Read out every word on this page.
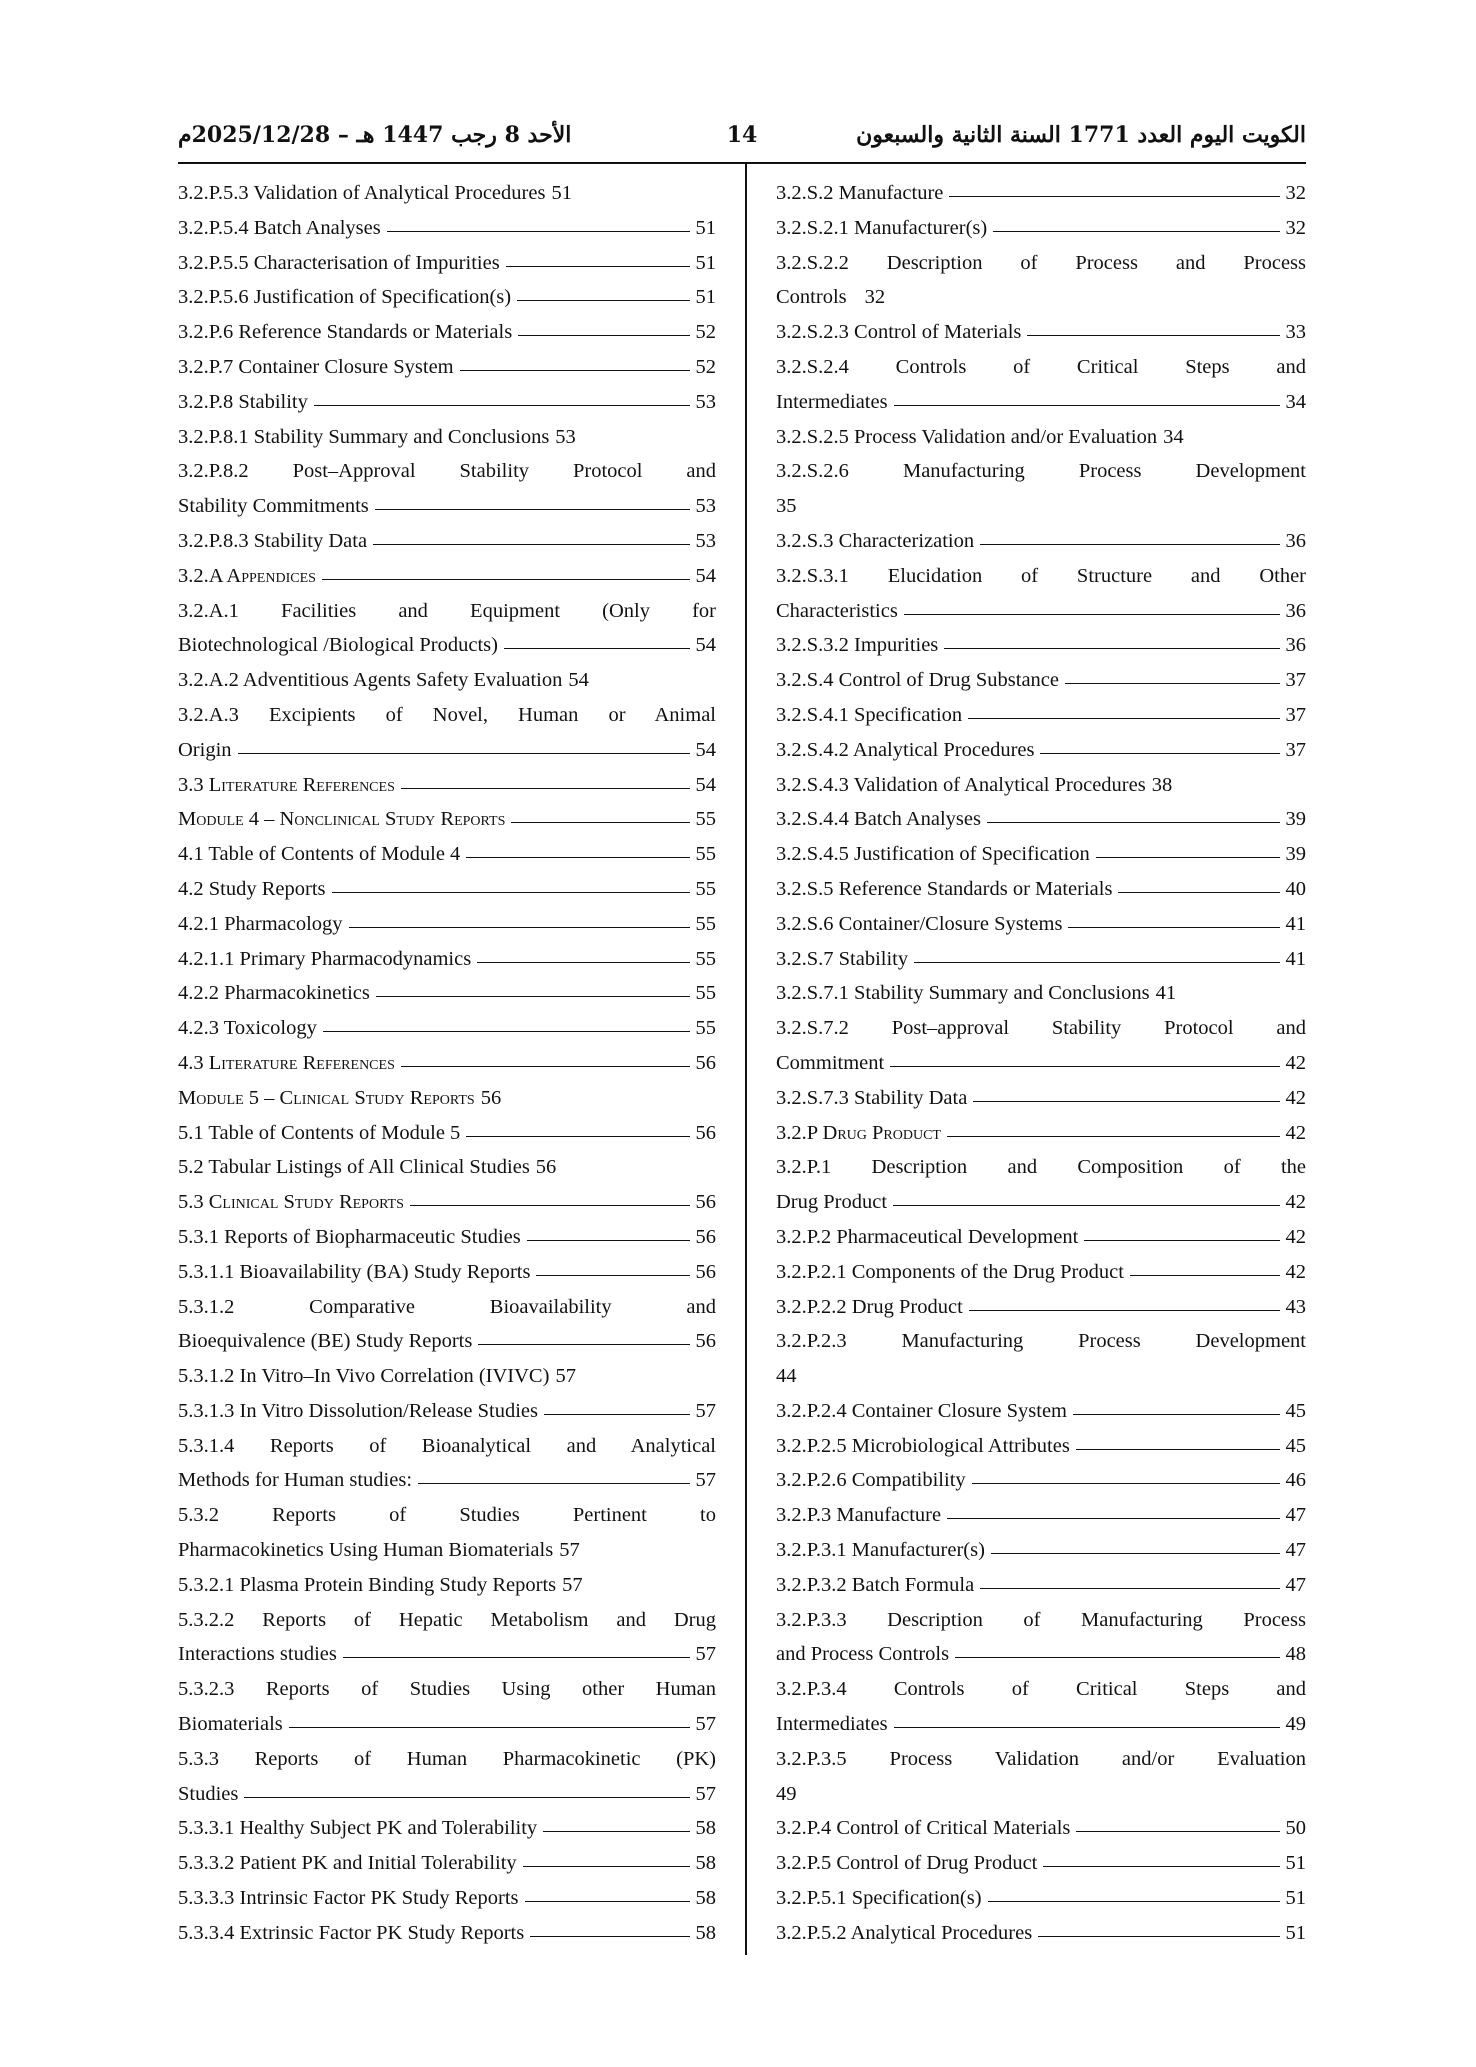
الأحد 8 رجب 1447 هـ – 2025/12/28م	14	الكويت اليوم العدد 1771 السنة الثانية والسبعون
3.2.P.5.3 Validation of Analytical Procedures 51
3.2.P.5.4 Batch Analyses	51
3.2.P.5.5 Characterisation of Impurities	51
3.2.P.5.6 Justification of Specification(s)	51
3.2.P.6 Reference Standards or Materials	52
3.2.P.7 Container Closure System	52
3.2.P.8 Stability	53
3.2.P.8.1 Stability Summary and Conclusions 53
3.2.P.8.2 Post–Approval Stability Protocol and
Stability Commitments	53
3.2.P.8.3 Stability Data	53
3.2.A Appendices	54
3.2.A.1 Facilities and Equipment (Only for
Biotechnological /Biological Products)	54
3.2.A.2 Adventitious Agents Safety Evaluation 54
3.2.A.3 Excipients of Novel, Human or Animal
Origin	54
3.3 Literature References	54
Module 4 – Nonclinical Study Reports	55
4.1 Table of Contents of Module 4	55
4.2 Study Reports	55
4.2.1 Pharmacology	55
4.2.1.1 Primary Pharmacodynamics	55
4.2.2 Pharmacokinetics	55
4.2.3 Toxicology	55
4.3 Literature References	56
Module 5 – Clinical Study Reports 56
5.1 Table of Contents of Module 5	56
5.2 Tabular Listings of All Clinical Studies 56
5.3 Clinical Study Reports	56
5.3.1 Reports of Biopharmaceutic Studies	56
5.3.1.1 Bioavailability (BA) Study Reports	56
5.3.1.2 Comparative Bioavailability and
Bioequivalence (BE) Study Reports	56
5.3.1.2 In Vitro–In Vivo Correlation (IVIVC) 57
5.3.1.3 In Vitro Dissolution/Release Studies	57
5.3.1.4 Reports of Bioanalytical and Analytical
Methods for Human studies:	57
5.3.2 Reports of Studies Pertinent to
Pharmacokinetics Using Human Biomaterials 57
5.3.2.1 Plasma Protein Binding Study Reports 57
5.3.2.2 Reports of Hepatic Metabolism and Drug
Interactions studies	57
5.3.2.3 Reports of Studies Using other Human
Biomaterials	57
5.3.3 Reports of Human Pharmacokinetic (PK)
Studies	57
5.3.3.1 Healthy Subject PK and Tolerability	58
5.3.3.2 Patient PK and Initial Tolerability	58
5.3.3.3 Intrinsic Factor PK Study Reports	58
5.3.3.4 Extrinsic Factor PK Study Reports	58
3.2.S.2 Manufacture	32
3.2.S.2.1 Manufacturer(s)	32
3.2.S.2.2 Description of Process and Process
Controls 32
3.2.S.2.3 Control of Materials	33
3.2.S.2.4 Controls of Critical Steps and
Intermediates	34
3.2.S.2.5 Process Validation and/or Evaluation 34
3.2.S.2.6 Manufacturing Process Development
35
3.2.S.3 Characterization	36
3.2.S.3.1 Elucidation of Structure and Other
Characteristics	36
3.2.S.3.2 Impurities	36
3.2.S.4 Control of Drug Substance	37
3.2.S.4.1 Specification	37
3.2.S.4.2 Analytical Procedures	37
3.2.S.4.3 Validation of Analytical Procedures 38
3.2.S.4.4 Batch Analyses	39
3.2.S.4.5 Justification of Specification	39
3.2.S.5 Reference Standards or Materials	40
3.2.S.6 Container/Closure Systems	41
3.2.S.7 Stability	41
3.2.S.7.1 Stability Summary and Conclusions 41
3.2.S.7.2 Post–approval Stability Protocol and
Commitment	42
3.2.S.7.3 Stability Data	42
3.2.P Drug Product	42
3.2.P.1 Description and Composition of the
Drug Product	42
3.2.P.2 Pharmaceutical Development	42
3.2.P.2.1 Components of the Drug Product	42
3.2.P.2.2 Drug Product	43
3.2.P.2.3 Manufacturing Process Development
44
3.2.P.2.4 Container Closure System	45
3.2.P.2.5 Microbiological Attributes	45
3.2.P.2.6 Compatibility	46
3.2.P.3 Manufacture	47
3.2.P.3.1 Manufacturer(s)	47
3.2.P.3.2 Batch Formula	47
3.2.P.3.3 Description of Manufacturing Process
and Process Controls	48
3.2.P.3.4 Controls of Critical Steps and
Intermediates	49
3.2.P.3.5 Process Validation and/or Evaluation
49
3.2.P.4 Control of Critical Materials	50
3.2.P.5 Control of Drug Product	51
3.2.P.5.1 Specification(s)	51
3.2.P.5.2 Analytical Procedures	51
